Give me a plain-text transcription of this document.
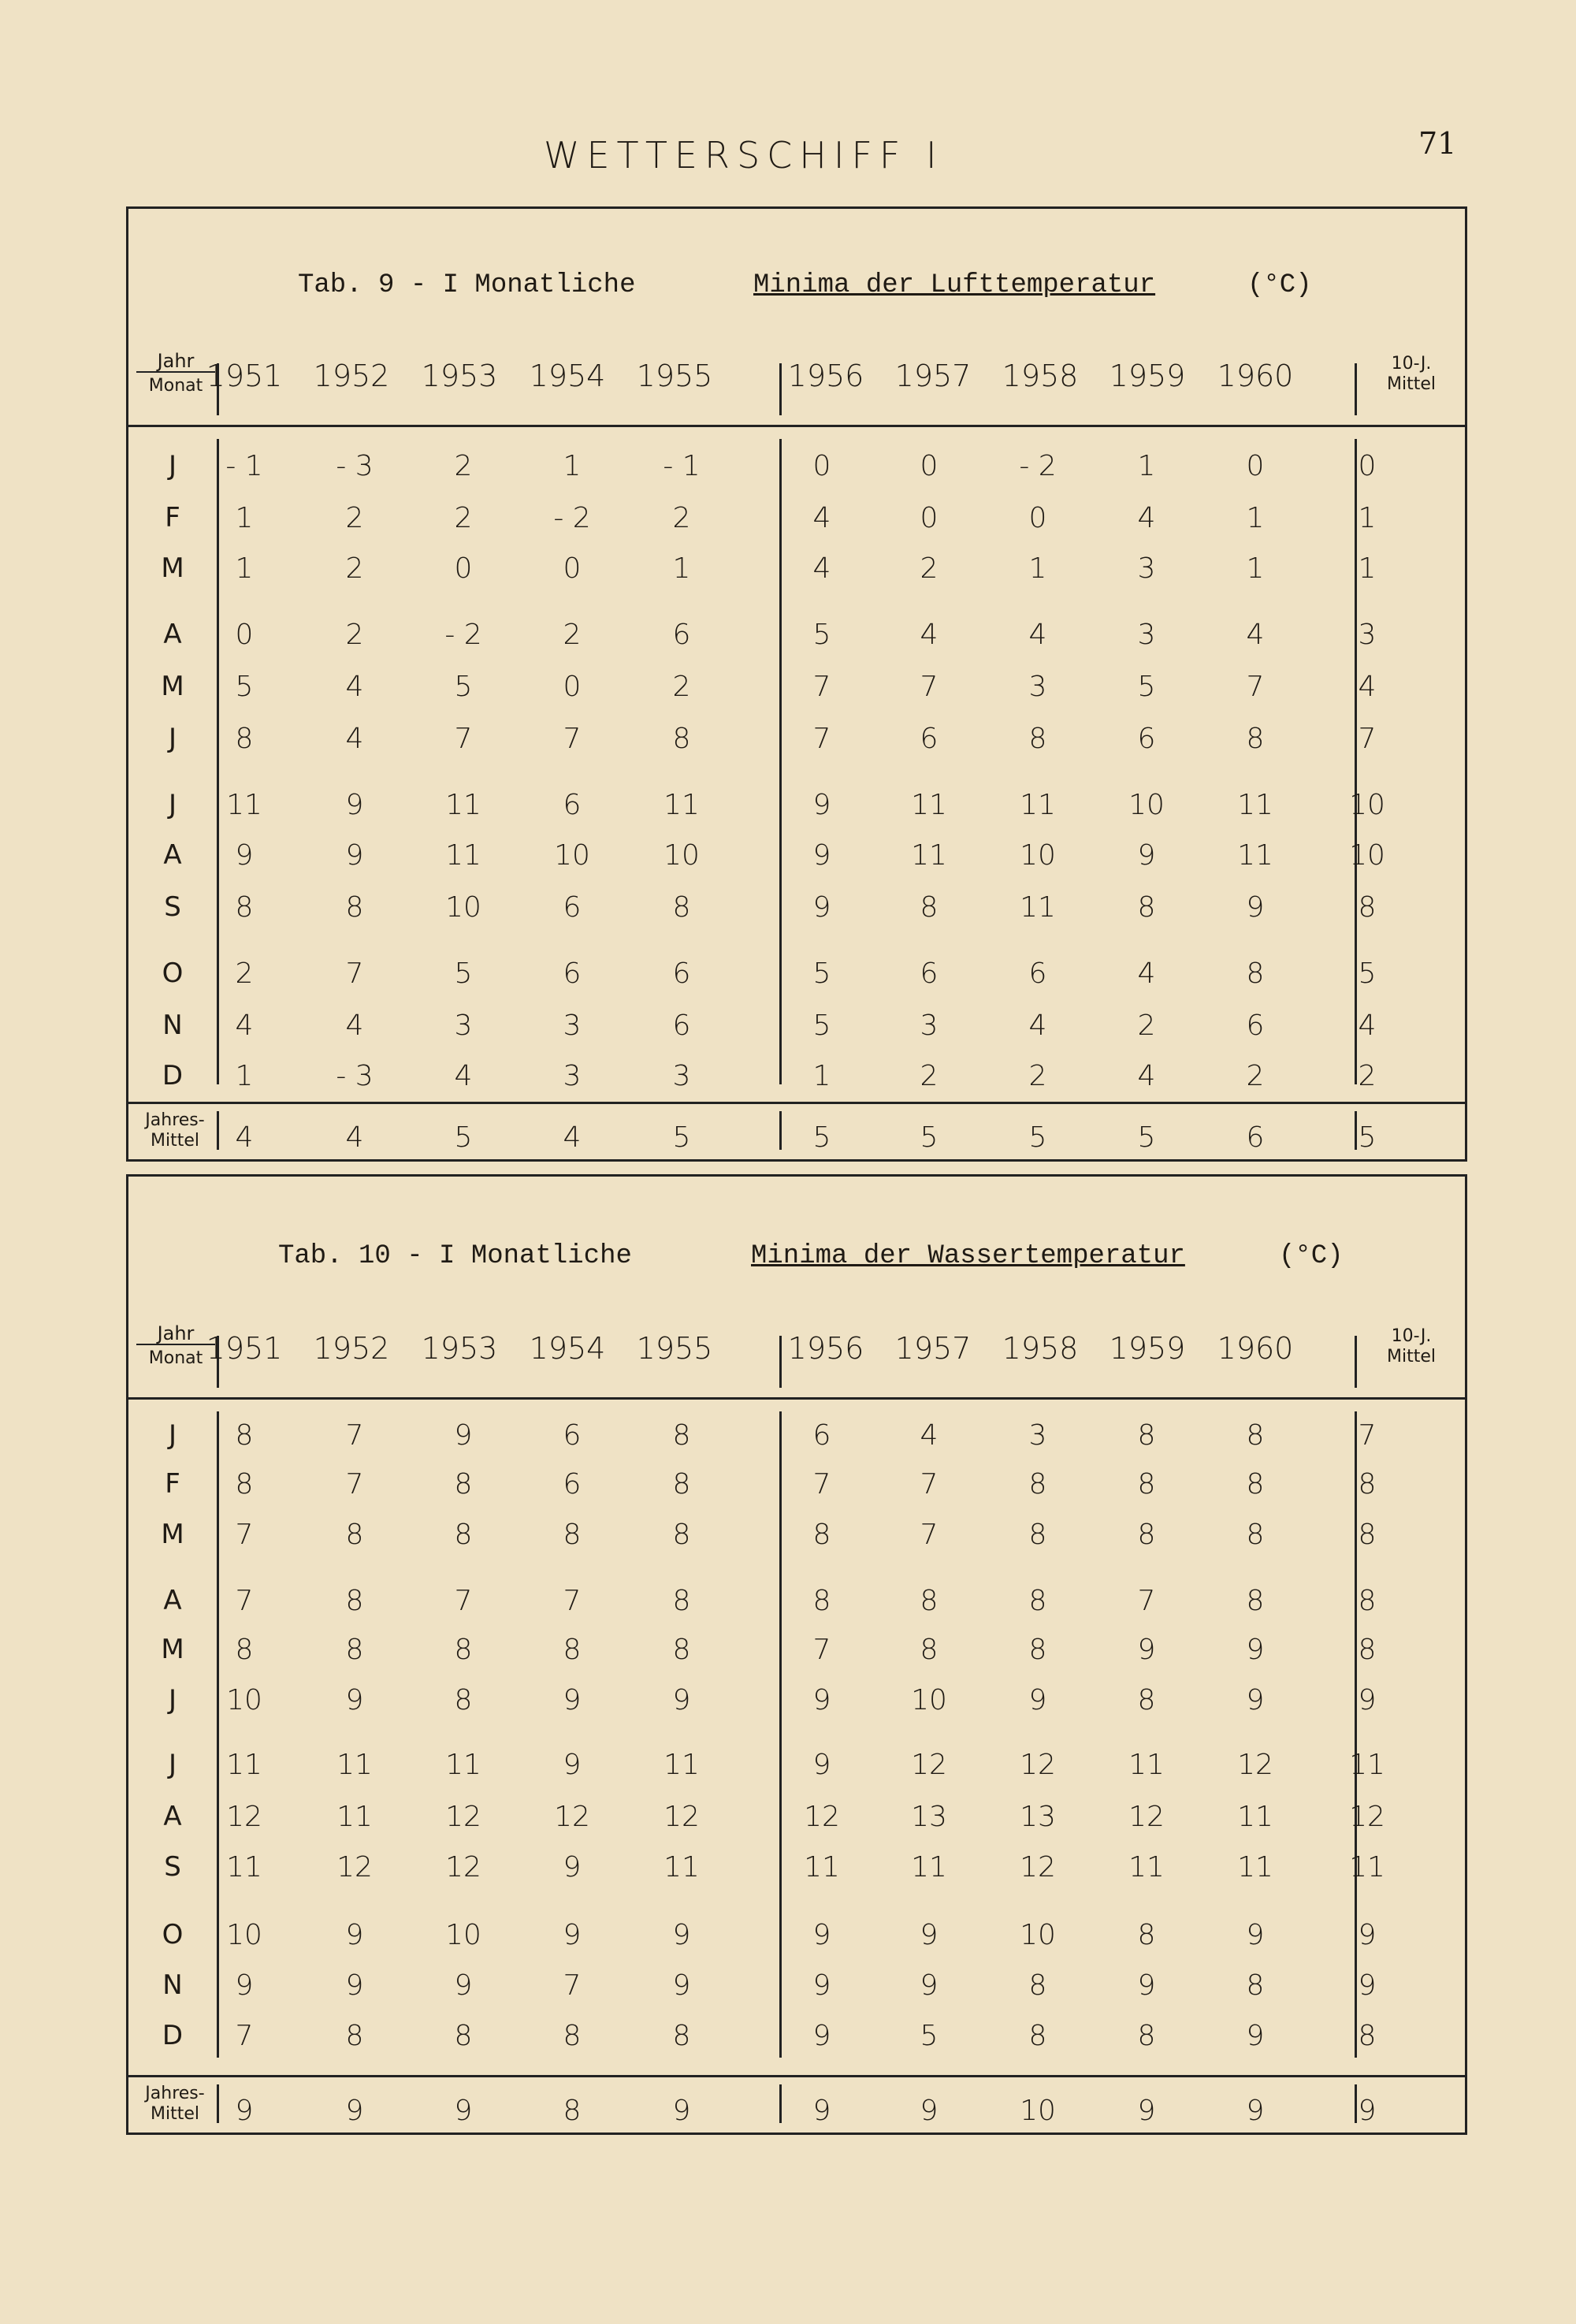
WETTERSCHIFF I	71
Tab. 9 - I Monatliche	Minima der Lufttemperatur	(°C)
Jahr
Monat 1951	1952	1953	1954	1955	1956	1957	1958	1959	1960	10-J.
Mittel
J	- 1	- 3	2	1	- 1	0	0	- 2	1	0	0
F	1	2	2	- 2	2	4	0	0	4	1	1
M	1	2	0	0	1	4	2	1	3	1	1
A	0	2	- 2	2	6	5	4	4	3	4	3
M	5	4	5	0	2	7	7	3	5	7	4
J	8	4	7	7	8	7	6	8	6	8	7
J	11	9	11	6	11	9	11	11	10	11	10
A	9	9	11	10	10	9	11	10	9	11	10
S	8	8	10	6	8	9	8	11	8	9	8
O	2	7	5	6	6	5	6	6	4	8	5
N	4	4	3	3	6	5	3	4	2	6	4
D	1	- 3	4	3	3	1	2	2	4	2	2
Jahres-
Mittel	4	4	5	4	5	5	5	5	5	6	5
Tab. 10 - I Monatliche	Minima der Wassertemperatur	(°C)
Jahr
Monat 1951	1952	1953	1954	1955	1956	1957	1958	1959	1960	10-J.
Mittel
J	8	7	9	6	8	6	4	3	8	8	7
F	8	7	8	6	8	7	7	8	8	8	8
M	7	8	8	8	8	8	7	8	8	8	8
A	7	8	7	7	8	8	8	8	7	8	8
M	8	8	8	8	8	7	8	8	9	9	8
J	10	9	8	9	9	9	10	9	8	9	9
J	11	11	11	9	11	9	12	12	11	12	11
A	12	11	12	12	12	12	13	13	12	11	12
S	11	12	12	9	11	11	11	12	11	11	11
O	10	9	10	9	9	9	9	10	8	9	9
N	9	9	9	7	9	9	9	8	9	8	9
D	7	8	8	8	8	9	5	8	8	9	8
Jahres-
Mittel	9	9	9	8	9	9	9	10	9	9	9
